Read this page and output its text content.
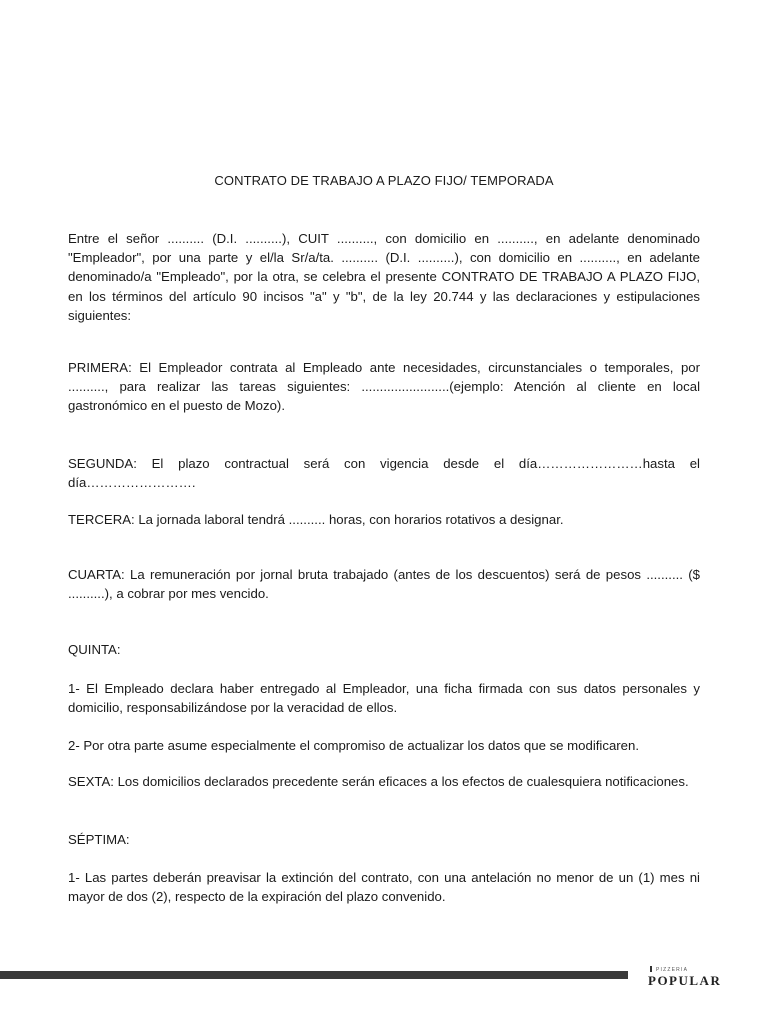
CONTRATO DE TRABAJO A PLAZO FIJO/ TEMPORADA

Entre el señor .......... (D.I. ..........), CUIT .........., con domicilio en .........., en adelante denominado "Empleador", por una parte y el/la Sr/a/ta. .......... (D.I. ..........), con domicilio en .........., en adelante denominado/a "Empleado", por la otra, se celebra el presente CONTRATO DE TRABAJO A PLAZO FIJO, en los términos del artículo 90 incisos "a" y "b", de la ley 20.744 y las declaraciones y estipulaciones siguientes:

PRIMERA: El Empleador contrata al Empleado ante necesidades, circunstanciales o temporales, por .........., para realizar las tareas siguientes: ........................(ejemplo: Atención al cliente en local gastronómico en el puesto de Mozo).

SEGUNDA: El plazo contractual será con vigencia desde el día……………………hasta el día…………………….

TERCERA: La jornada laboral tendrá .......... horas, con horarios rotativos a designar.

CUARTA: La remuneración por jornal bruta trabajado (antes de los descuentos) será de pesos .......... ($ ..........), a cobrar por mes vencido.

QUINTA:

1- El Empleado declara haber entregado al Empleador, una ficha firmada con sus datos personales y domicilio, responsabilizándose por la veracidad de ellos.

2- Por otra parte asume especialmente el compromiso de actualizar los datos que se modificaren.

SEXTA: Los domicilios declarados precedente serán eficaces a los efectos de cualesquiera notificaciones.

SÉPTIMA:

1- Las partes deberán preavisar la extinción del contrato, con una antelación no menor de un (1) mes ni mayor de dos (2), respecto de la expiración del plazo convenido.

PIZZERIA
POPULAR
